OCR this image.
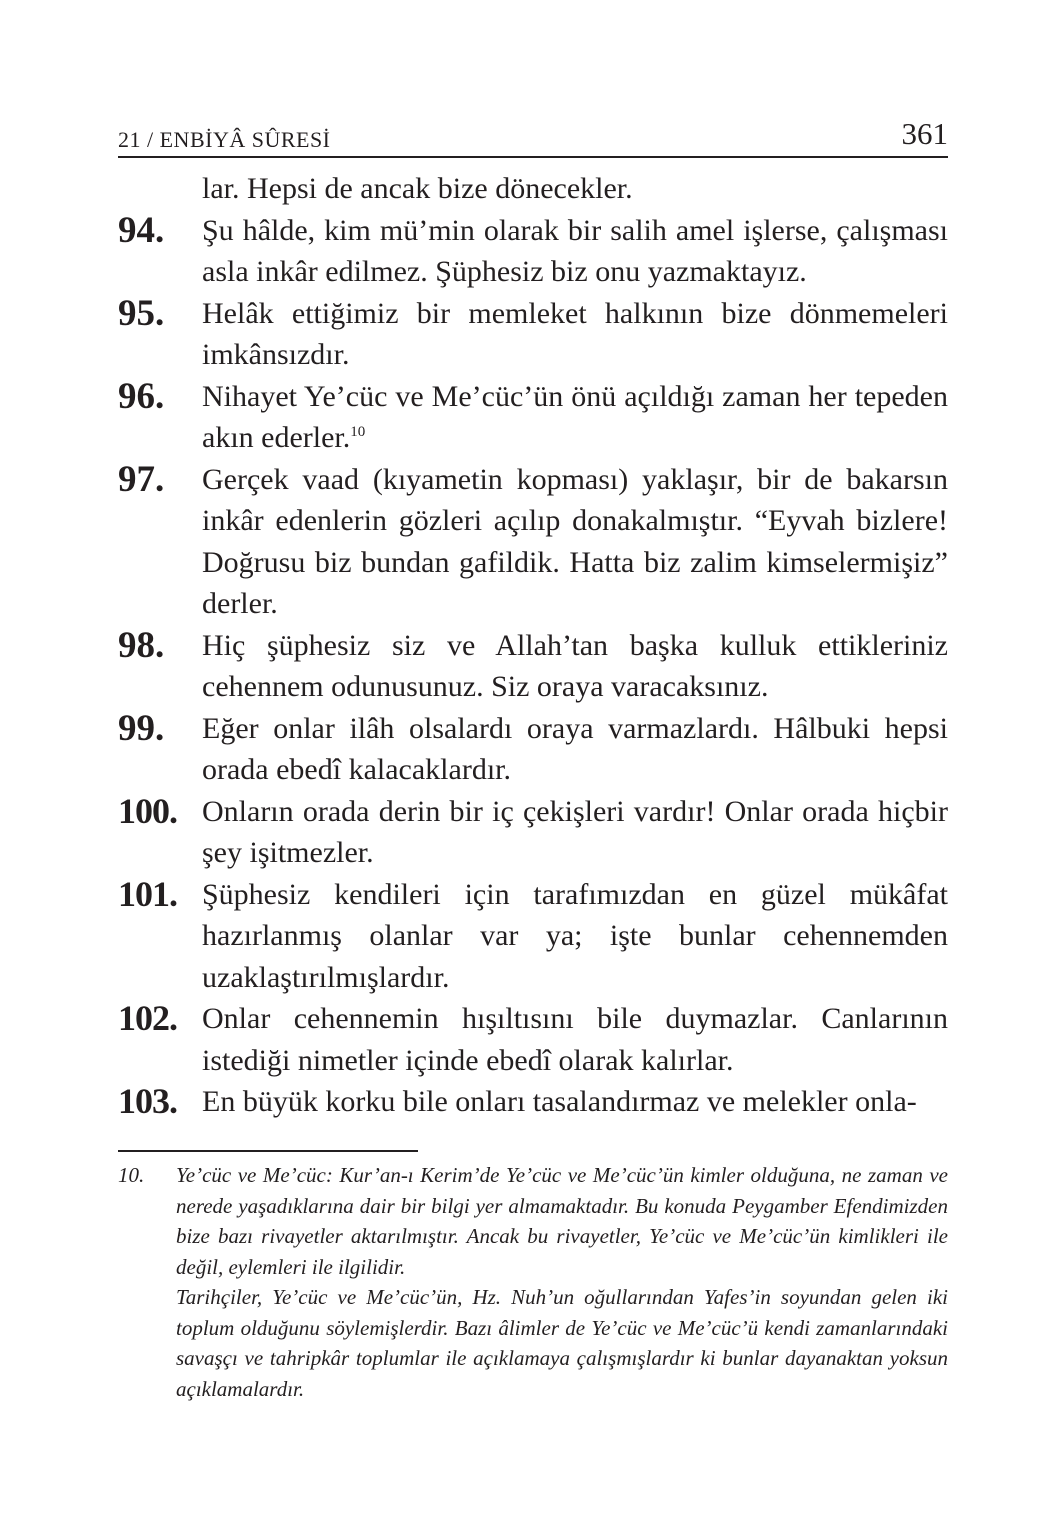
21 / ENBİYÂ SÛRESİ	361
lar. Hepsi de ancak bize dönecekler.
94. Şu hâlde, kim mü’min olarak bir salih amel işlerse, çalışması asla inkâr edilmez. Şüphesiz biz onu yazmaktayız.
95. Helâk ettiğimiz bir memleket halkının bize dönmemeleri imkânsızdır.
96. Nihayet Ye’cüc ve Me’cüc’ün önü açıldığı zaman her tepeden akın ederler.$^{10}$
97. Gerçek vaad (kıyametin kopması) yaklaşır, bir de bakarsın inkâr edenlerin gözleri açılıp donakalmıştır. “Eyvah bizlere! Doğrusu biz bundan gafildik. Hatta biz zalim kimselermişiz” derler.
98. Hiç şüphesiz siz ve Allah’tan başka kulluk ettikleriniz cehennem odunusunuz. Siz oraya varacaksınız.
99. Eğer onlar ilâh olsalardı oraya varmazlardı. Hâlbuki hepsi orada ebedî kalacaklardır.
100. Onların orada derin bir iç çekişleri vardır! Onlar orada hiçbir şey işitmezler.
101. Şüphesiz kendileri için tarafımızdan en güzel mükâfat hazırlanmış olanlar var ya; işte bunlar cehennemden uzaklaştırılmışlardır.
102. Onlar cehennemin hışıltısını bile duymazlar. Canlarının istediği nimetler içinde ebedî olarak kalırlar.
103. En büyük korku bile onları tasalandırmaz ve melekler onla-
10. Ye’cüc ve Me’cüc: Kur’an-ı Kerim’de Ye’cüc ve Me’cüc’ün kimler olduğuna, ne zaman ve nerede yaşadıklarına dair bir bilgi yer almamaktadır. Bu konuda Peygamber Efendimizden bize bazı rivayetler aktarılmıştır. Ancak bu rivayetler, Ye’cüc ve Me’cüc’ün kimlikleri ile değil, eylemleri ile ilgilidir.

Tarihçiler, Ye’cüc ve Me’cüc’ün, Hz. Nuh’un oğullarından Yafes’in soyundan gelen iki toplum olduğunu söylemişlerdir. Bazı âlimler de Ye’cüc ve Me’cüc’ü kendi zamanlarındaki savaşçı ve tahripkâr toplumlar ile açıklamaya çalışmışlardır ki bunlar dayanaktan yoksun açıklamalardır.
